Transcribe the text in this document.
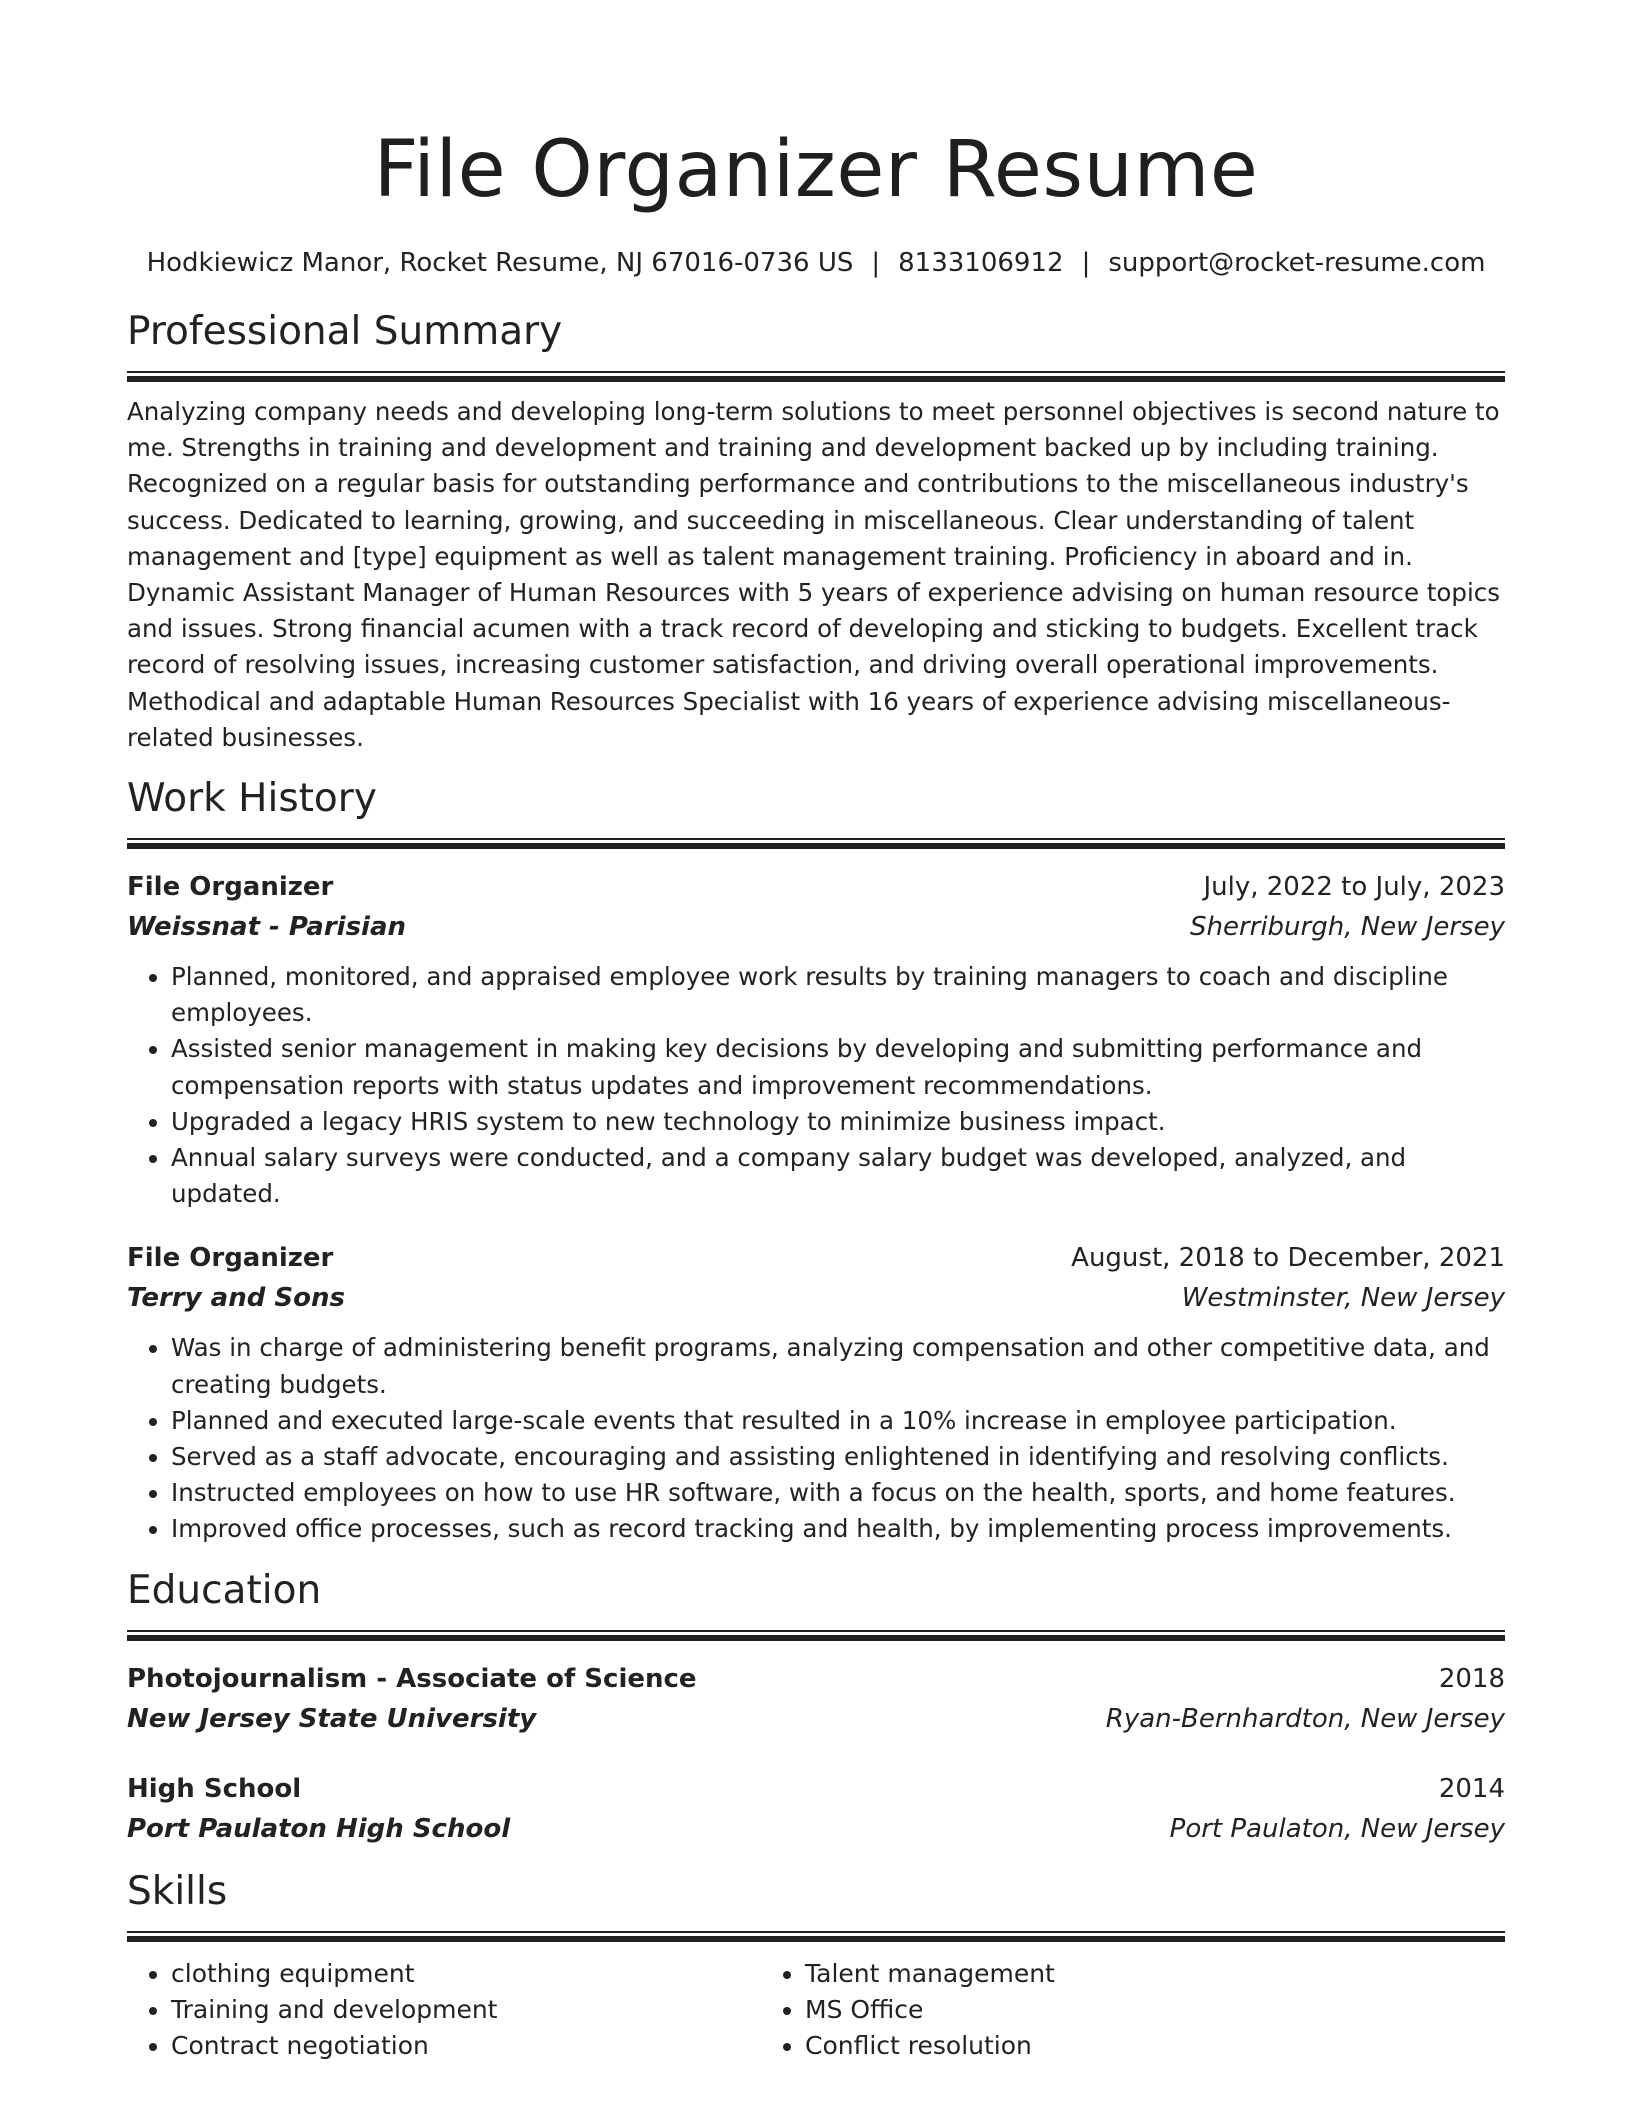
File Organizer Resume
Hodkiewicz Manor, Rocket Resume, NJ 67016-0736 US | 8133106912 | support@rocket-resume.com
Professional Summary
Analyzing company needs and developing long-term solutions to meet personnel objectives is second nature to me. Strengths in training and development and training and development backed up by including training. Recognized on a regular basis for outstanding performance and contributions to the miscellaneous industry's success. Dedicated to learning, growing, and succeeding in miscellaneous. Clear understanding of talent management and [type] equipment as well as talent management training. Proficiency in aboard and in. Dynamic Assistant Manager of Human Resources with 5 years of experience advising on human resource topics and issues. Strong financial acumen with a track record of developing and sticking to budgets. Excellent track record of resolving issues, increasing customer satisfaction, and driving overall operational improvements. Methodical and adaptable Human Resources Specialist with 16 years of experience advising miscellaneous-related businesses.
Work History
File Organizer	July, 2022 to July, 2023
Weissnat - Parisian	Sherriburgh, New Jersey
• Planned, monitored, and appraised employee work results by training managers to coach and discipline employees.
• Assisted senior management in making key decisions by developing and submitting performance and compensation reports with status updates and improvement recommendations.
• Upgraded a legacy HRIS system to new technology to minimize business impact.
• Annual salary surveys were conducted, and a company salary budget was developed, analyzed, and updated.
File Organizer	August, 2018 to December, 2021
Terry and Sons	Westminster, New Jersey
• Was in charge of administering benefit programs, analyzing compensation and other competitive data, and creating budgets.
• Planned and executed large-scale events that resulted in a 10% increase in employee participation.
• Served as a staff advocate, encouraging and assisting enlightened in identifying and resolving conflicts.
• Instructed employees on how to use HR software, with a focus on the health, sports, and home features.
• Improved office processes, such as record tracking and health, by implementing process improvements.
Education
Photojournalism - Associate of Science	2018
New Jersey State University	Ryan-Bernhardton, New Jersey
High School	2014
Port Paulaton High School	Port Paulaton, New Jersey
Skills
• clothing equipment
• Training and development
• Contract negotiation
• Talent management
• MS Office
• Conflict resolution
